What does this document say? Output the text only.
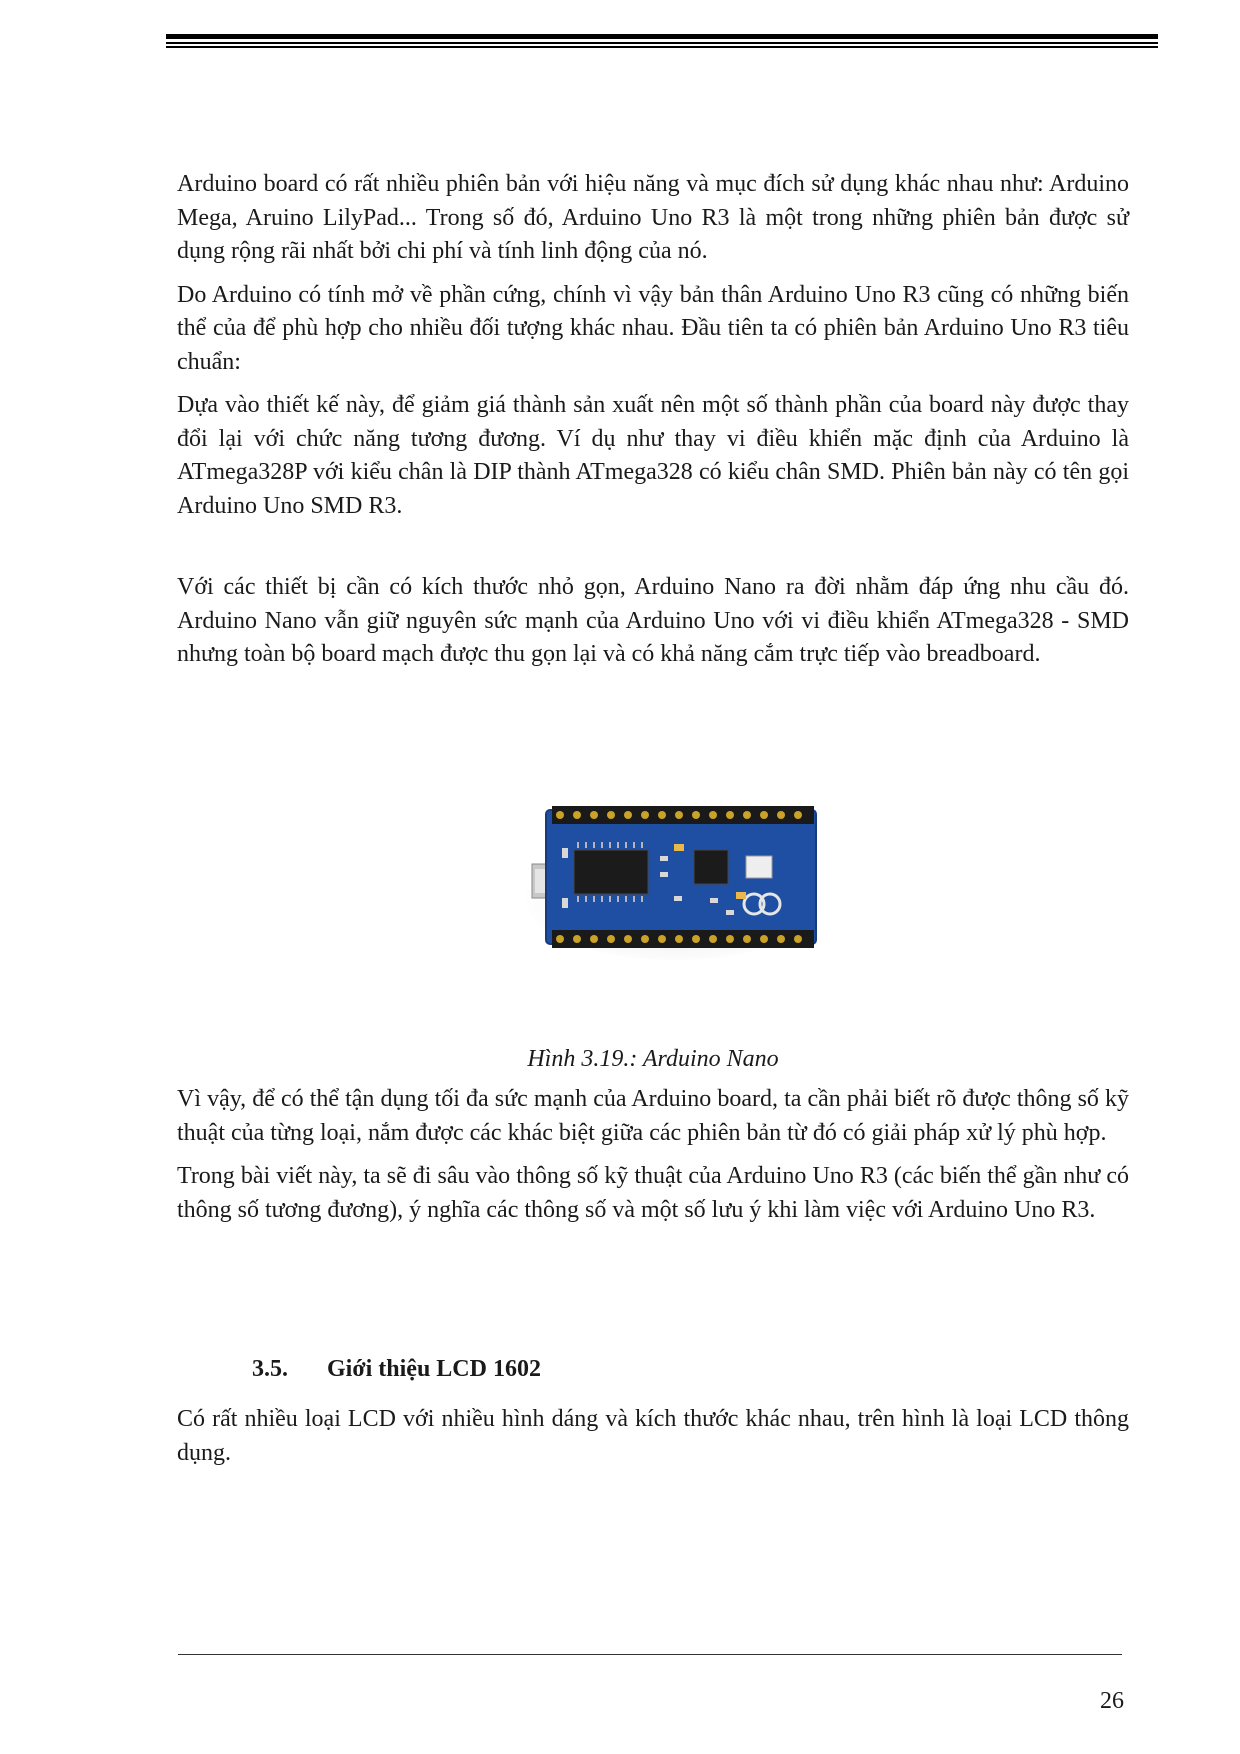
Arduino board có rất nhiều phiên bản với hiệu năng và mục đích sử dụng khác nhau như: Arduino Mega, Aruino LilyPad... Trong số đó, Arduino Uno R3 là một trong những phiên bản được sử dụng rộng rãi nhất bởi chi phí và tính linh động của nó.

Do Arduino có tính mở về phần cứng, chính vì vậy bản thân Arduino Uno R3 cũng có những biến thể của để phù hợp cho nhiều đối tượng khác nhau. Đầu tiên ta có phiên bản Arduino Uno R3 tiêu chuẩn:

Dựa vào thiết kế này, để giảm giá thành sản xuất nên một số thành phần của board này được thay đổi lại với chức năng tương đương. Ví dụ như thay vi điều khiển mặc định của Arduino là ATmega328P với kiểu chân là DIP thành ATmega328 có kiểu chân SMD. Phiên bản này có tên gọi Arduino Uno SMD R3.

Với các thiết bị cần có kích thước nhỏ gọn, Arduino Nano ra đời nhằm đáp ứng nhu cầu đó. Arduino Nano vẫn giữ nguyên sức mạnh của Arduino Uno với vi điều khiển ATmega328 - SMD nhưng toàn bộ board mạch được thu gọn lại và có khả năng cắm trực tiếp vào breadboard.

Hình 3.19.: Arduino Nano

Vì vậy, để có thể tận dụng tối đa sức mạnh của Arduino board, ta cần phải biết rõ được thông số kỹ thuật của từng loại, nắm được các khác biệt giữa các phiên bản từ đó có giải pháp xử lý phù hợp.

Trong bài viết này, ta sẽ đi sâu vào thông số kỹ thuật của Arduino Uno R3 (các biến thể gần như có thông số tương đương), ý nghĩa các thông số và một số lưu ý khi làm việc với Arduino Uno R3.

3.5. Giới thiệu LCD 1602

Có rất nhiều loại LCD với nhiều hình dáng và kích thước khác nhau, trên hình là loại LCD thông dụng.

26
